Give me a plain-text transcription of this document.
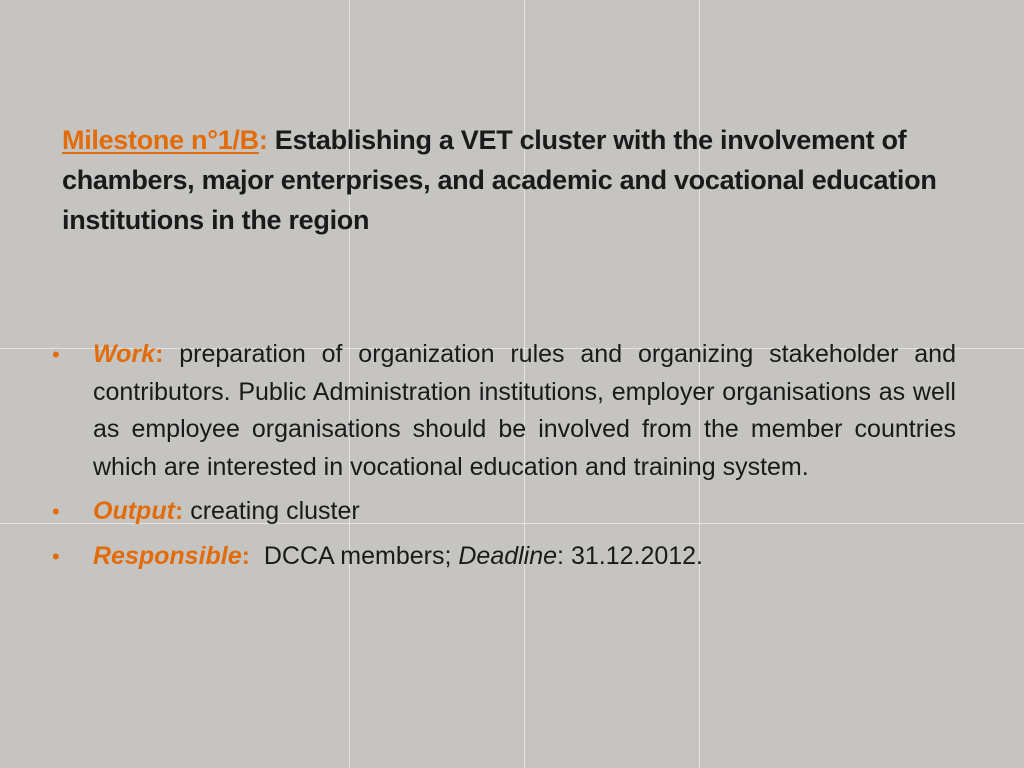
Milestone n°1/B: Establishing a VET cluster with the involvement of chambers, major enterprises, and academic and vocational education institutions in the region
•	Work: preparation of organization rules and organizing stakeholder and contributors. Public Administration institutions, employer organisations as well as employee organisations should be involved from the member countries which are interested in vocational education and training system.
•	Output: creating cluster
•	Responsible:  DCCA members; Deadline: 31.12.2012.
